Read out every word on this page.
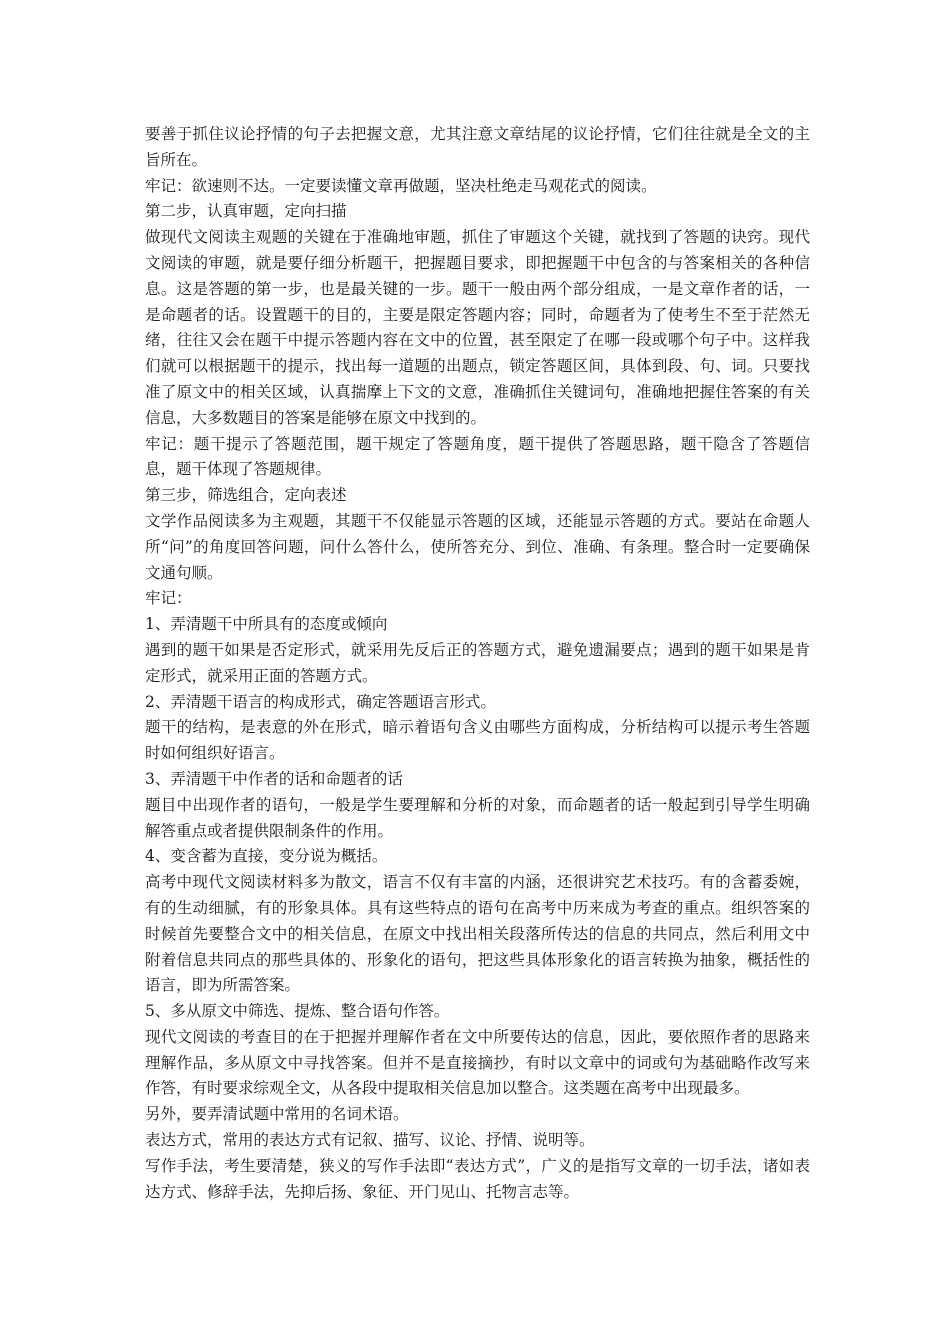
要善于抓住议论抒情的句子去把握文意，尤其注意文章结尾的议论抒情，它们往往就是全文的主旨所在。

牢记：欲速则不达。一定要读懂文章再做题，坚决杜绝走马观花式的阅读。

第二步，认真审题，定向扫描

做现代文阅读主观题的关键在于准确地审题，抓住了审题这个关键，就找到了答题的诀窍。现代文阅读的审题，就是要仔细分析题干，把握题目要求，即把握题干中包含的与答案相关的各种信息。这是答题的第一步，也是最关键的一步。题干一般由两个部分组成，一是文章作者的话，一是命题者的话。设置题干的目的，主要是限定答题内容；同时，命题者为了使考生不至于茫然无绪，往往又会在题干中提示答题内容在文中的位置，甚至限定了在哪一段或哪个句子中。这样我们就可以根据题干的提示，找出每一道题的出题点，锁定答题区间，具体到段、句、词。只要找准了原文中的相关区域，认真揣摩上下文的文意，准确抓住关键词句，准确地把握住答案的有关信息，大多数题目的答案是能够在原文中找到的。

牢记：题干提示了答题范围，题干规定了答题角度，题干提供了答题思路，题干隐含了答题信息，题干体现了答题规律。

第三步，筛选组合，定向表述

文学作品阅读多为主观题，其题干不仅能显示答题的区域，还能显示答题的方式。要站在命题人所“问”的角度回答问题，问什么答什么，使所答充分、到位、准确、有条理。整合时一定要确保文通句顺。

牢记：

1、弄清题干中所具有的态度或倾向

遇到的题干如果是否定形式，就采用先反后正的答题方式，避免遗漏要点；遇到的题干如果是肯定形式，就采用正面的答题方式。

2、弄清题干语言的构成形式，确定答题语言形式。

题干的结构，是表意的外在形式，暗示着语句含义由哪些方面构成，分析结构可以提示考生答题时如何组织好语言。

3、弄清题干中作者的话和命题者的话

题目中出现作者的语句，一般是学生要理解和分析的对象，而命题者的话一般起到引导学生明确解答重点或者提供限制条件的作用。

4、变含蓄为直接，变分说为概括。

高考中现代文阅读材料多为散文，语言不仅有丰富的内涵，还很讲究艺术技巧。有的含蓄委婉，有的生动细腻，有的形象具体。具有这些特点的语句在高考中历来成为考查的重点。组织答案的时候首先要整合文中的相关信息，在原文中找出相关段落所传达的信息的共同点，然后利用文中附着信息共同点的那些具体的、形象化的语句，把这些具体形象化的语言转换为抽象，概括性的语言，即为所需答案。

5、多从原文中筛选、提炼、整合语句作答。

现代文阅读的考查目的在于把握并理解作者在文中所要传达的信息，因此，要依照作者的思路来理解作品，多从原文中寻找答案。但并不是直接摘抄，有时以文章中的词或句为基础略作改写来作答，有时要求综观全文，从各段中提取相关信息加以整合。这类题在高考中出现最多。

另外，要弄清试题中常用的名词术语。

表达方式，常用的表达方式有记叙、描写、议论、抒情、说明等。

写作手法，考生要清楚，狭义的写作手法即“表达方式”，广义的是指写文章的一切手法，诸如表达方式、修辞手法，先抑后扬、象征、开门见山、托物言志等。
